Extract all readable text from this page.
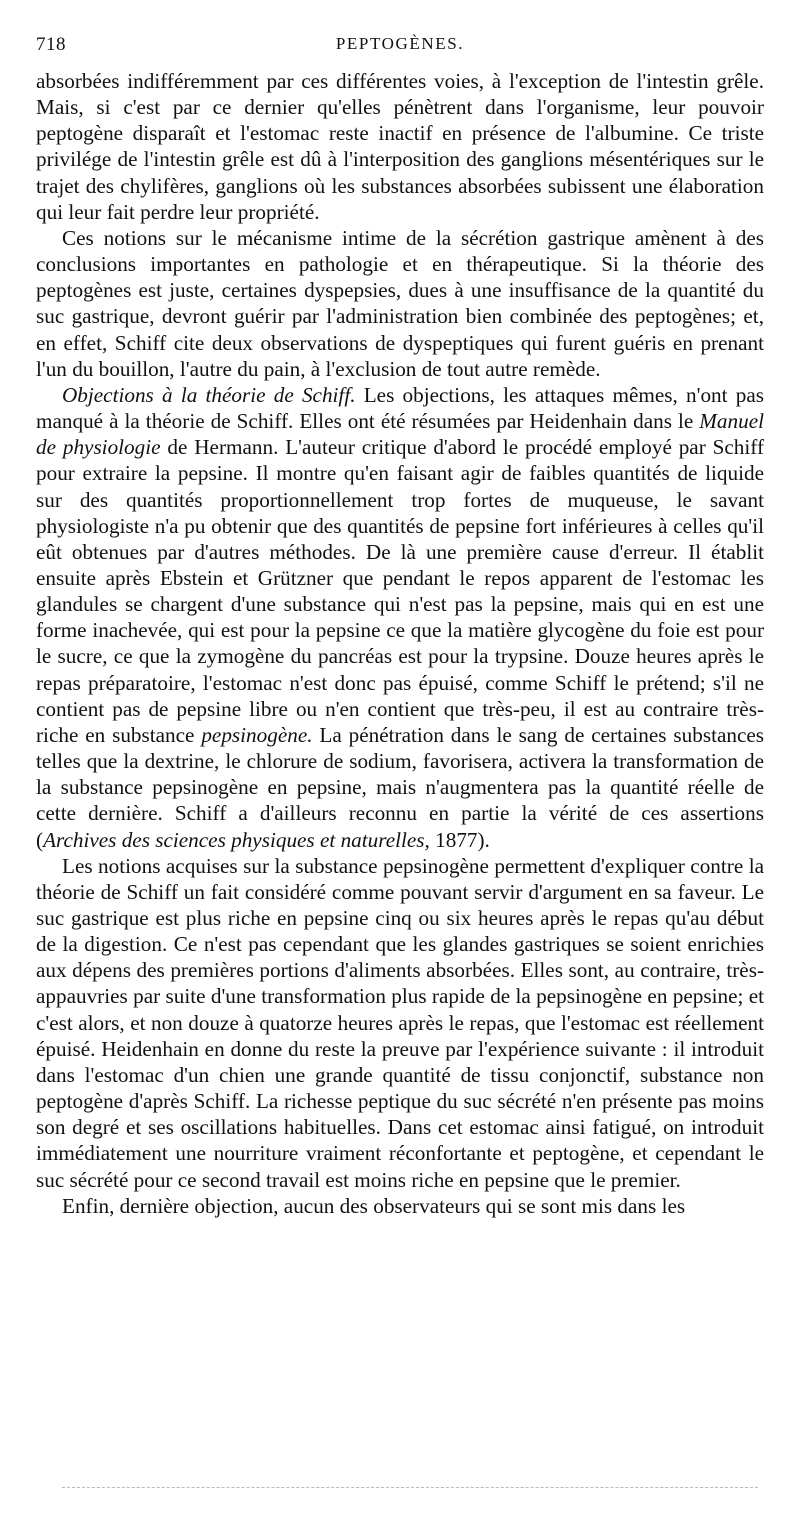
718	PEPTOGÈNES.

absorbées indifféremment par ces différentes voies, à l'exception de l'intestin grêle. Mais, si c'est par ce dernier qu'elles pénètrent dans l'organisme, leur pouvoir peptogène disparaît et l'estomac reste inactif en présence de l'albumine. Ce triste privilége de l'intestin grêle est dû à l'interposition des ganglions mésentériques sur le trajet des chylifères, ganglions où les substances absorbées subissent une élaboration qui leur fait perdre leur propriété.

Ces notions sur le mécanisme intime de la sécrétion gastrique amènent à des conclusions importantes en pathologie et en thérapeutique. Si la théorie des peptogènes est juste, certaines dyspepsies, dues à une insuffisance de la quantité du suc gastrique, devront guérir par l'administration bien combinée des peptogènes; et, en effet, Schiff cite deux observations de dyspeptiques qui furent guéris en prenant l'un du bouillon, l'autre du pain, à l'exclusion de tout autre remède.

Objections à la théorie de Schiff. Les objections, les attaques mêmes, n'ont pas manqué à la théorie de Schiff. Elles ont été résumées par Heidenhain dans le Manuel de physiologie de Hermann. L'auteur critique d'abord le procédé employé par Schiff pour extraire la pepsine. Il montre qu'en faisant agir de faibles quantités de liquide sur des quantités proportionnellement trop fortes de muqueuse, le savant physiologiste n'a pu obtenir que des quantités de pepsine fort inférieures à celles qu'il eût obtenues par d'autres méthodes. De là une première cause d'erreur. Il établit ensuite après Ebstein et Grützner que pendant le repos apparent de l'estomac les glandules se chargent d'une substance qui n'est pas la pepsine, mais qui en est une forme inachevée, qui est pour la pepsine ce que la matière glycogène du foie est pour le sucre, ce que la zymogène du pancréas est pour la trypsine. Douze heures après le repas préparatoire, l'estomac n'est donc pas épuisé, comme Schiff le prétend; s'il ne contient pas de pepsine libre ou n'en contient que très-peu, il est au contraire très-riche en substance pepsinogène. La pénétration dans le sang de certaines substances telles que la dextrine, le chlorure de sodium, favorisera, activera la transformation de la substance pepsinogène en pepsine, mais n'augmentera pas la quantité réelle de cette dernière. Schiff a d'ailleurs reconnu en partie la vérité de ces assertions (Archives des sciences physiques et naturelles, 1877).

Les notions acquises sur la substance pepsinogène permettent d'expliquer contre la théorie de Schiff un fait considéré comme pouvant servir d'argument en sa faveur. Le suc gastrique est plus riche en pepsine cinq ou six heures après le repas qu'au début de la digestion. Ce n'est pas cependant que les glandes gastriques se soient enrichies aux dépens des premières portions d'aliments absorbées. Elles sont, au contraire, très-appauvries par suite d'une transformation plus rapide de la pepsinogène en pepsine; et c'est alors, et non douze à quatorze heures après le repas, que l'estomac est réellement épuisé. Heidenhain en donne du reste la preuve par l'expérience suivante : il introduit dans l'estomac d'un chien une grande quantité de tissu conjonctif, substance non peptogène d'après Schiff. La richesse peptique du suc sécrété n'en présente pas moins son degré et ses oscillations habituelles. Dans cet estomac ainsi fatigué, on introduit immédiatement une nourriture vraiment réconfortante et peptogène, et cependant le suc sécrété pour ce second travail est moins riche en pepsine que le premier.

Enfin, dernière objection, aucun des observateurs qui se sont mis dans les
